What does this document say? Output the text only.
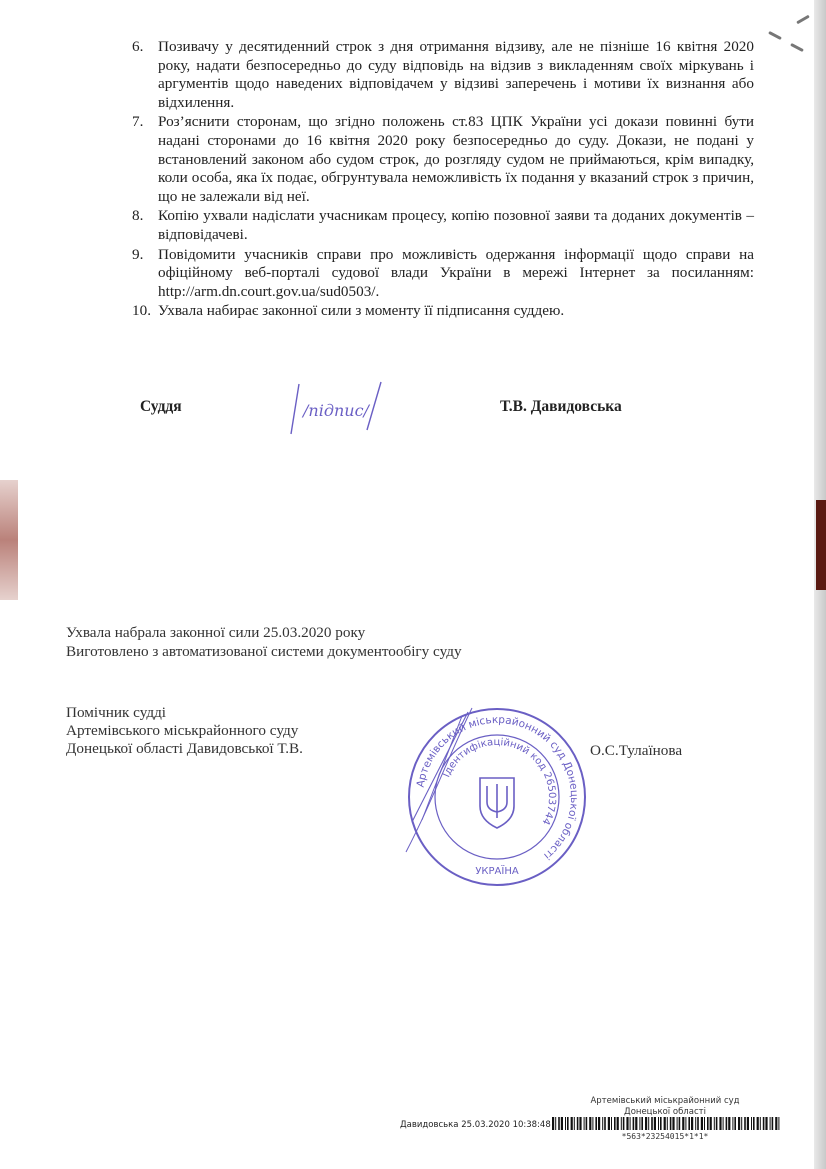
6. Позивачу у десятиденний строк з дня отримання відзиву, але не пізніше 16 квітня 2020 року, надати безпосередньо до суду відповідь на відзив з викладенням своїх міркувань і аргументів щодо наведених відповідачем у відзиві заперечень і мотиви їх визнання або відхилення.
7. Роз’яснити сторонам, що згідно положень ст.83 ЦПК України усі докази повинні бути надані сторонами до 16 квітня 2020 року безпосередньо до суду. Докази, не подані у встановлений законом або судом строк, до розгляду судом не приймаються, крім випадку, коли особа, яка їх подає, обгрунтувала неможливість їх подання у вказаний строк з причин, що не залежали від неї.
8. Копію ухвали надіслати учасникам процесу, копію позовної заяви та доданих документів – відповідачеві.
9. Повідомити учасників справи про можливість одержання інформації щодо справи на офіційному веб-порталі судової влади України в мережі Інтернет за посиланням: http://arm.dn.court.gov.ua/sud0503/.
10. Ухвала набирає законної сили з моменту її підписання суддею.
Суддя	Т.В. Давидовська
/підпис/
Ухвала набрала законної сили 25.03.2020 року
Виготовлено з автоматизованої системи документообігу суду
Помічник судді
Артемівського міськрайонного суду
Донецької області Давидовської Т.В.	О.С.Тулаїнова
Артемівський міськрайонний суд Донецької області
Ідентифікаційний код 26503744
УКРАЇНА
Артемівський міськрайонний суд
Донецької області
Давидовська 25.03.2020 10:38:48
*563*23254015*1*1*
